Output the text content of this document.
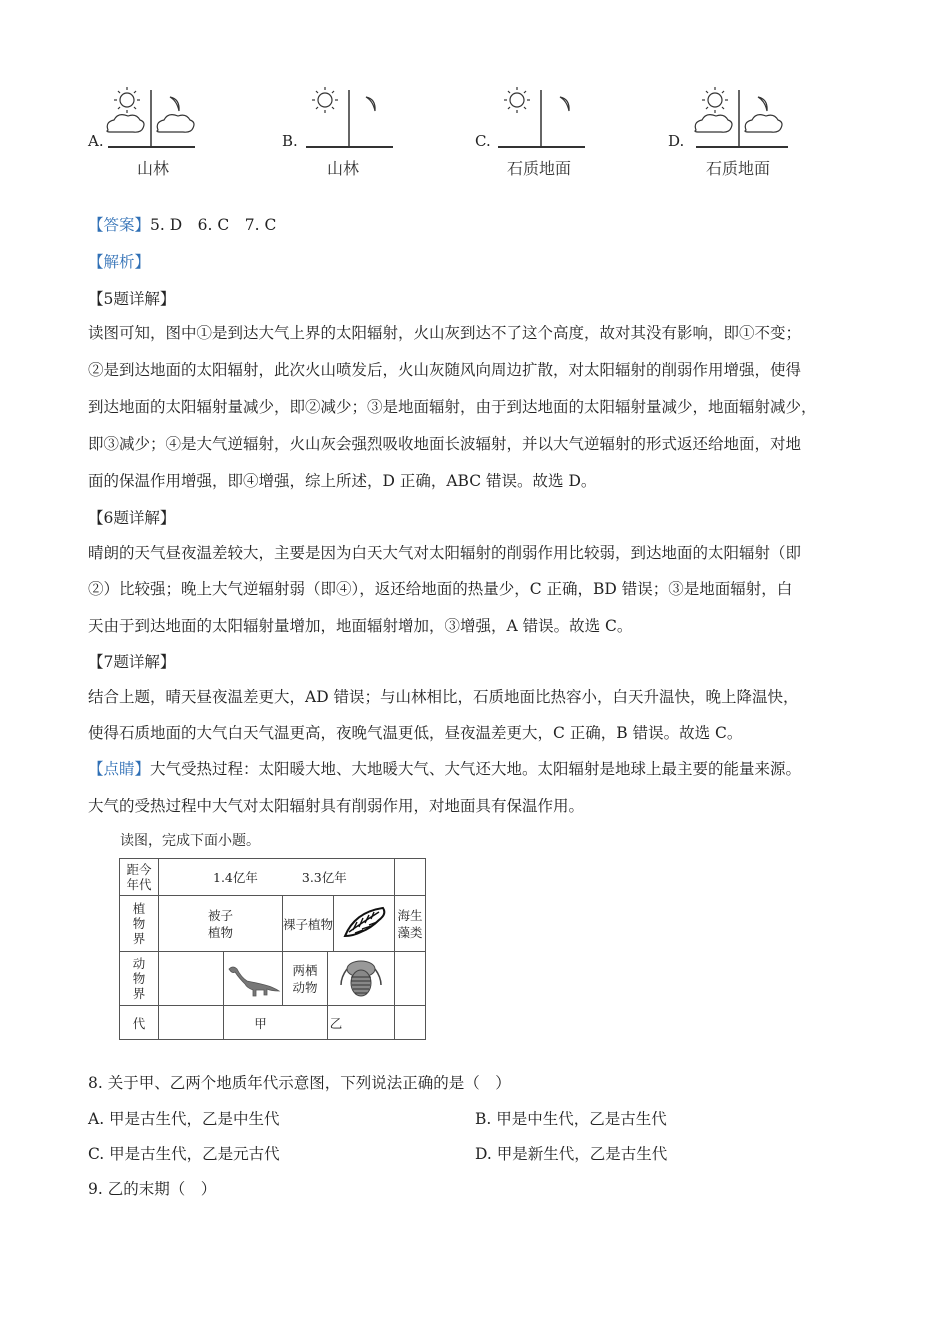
A.
山林
B.
山林
C.
石质地面
D.
石质地面
【答案】5. D　6. C　7. C
【解析】
【5题详解】
读图可知，图中①是到达大气上界的太阳辐射，火山灰到达不了这个高度，故对其没有影响，即①不变；
②是到达地面的太阳辐射，此次火山喷发后，火山灰随风向周边扩散，对太阳辐射的削弱作用增强，使得
到达地面的太阳辐射量减少，即②减少；③是地面辐射，由于到达地面的太阳辐射量减少，地面辐射减少，
即③减少；④是大气逆辐射，火山灰会强烈吸收地面长波辐射，并以大气逆辐射的形式返还给地面，对地
面的保温作用增强，即④增强，综上所述，D 正确，ABC 错误。故选 D。
【6题详解】
晴朗的天气昼夜温差较大，主要是因为白天大气对太阳辐射的削弱作用比较弱，到达地面的太阳辐射（即
②）比较强；晚上大气逆辐射弱（即④），返还给地面的热量少，C 正确，BD 错误；③是地面辐射，白
天由于到达地面的太阳辐射量增加，地面辐射增加，③增强，A 错误。故选 C。
【7题详解】
结合上题，晴天昼夜温差更大，AD 错误；与山林相比，石质地面比热容小，白天升温快，晚上降温快，
使得石质地面的大气白天气温更高，夜晚气温更低，昼夜温差更大，C 正确，B 错误。故选 C。
【点睛】大气受热过程：太阳暖大地、大地暖大气、大气还大地。太阳辐射是地球上最主要的能量来源。
大气的受热过程中大气对太阳辐射具有削弱作用，对地面具有保温作用。
读图，完成下面小题。
距今年代	1.4亿年 3.3亿年					
植物界	被子植物		裸子植物			海生藻类
动物界			两栖动物		
代		甲		乙		
8. 关于甲、乙两个地质年代示意图，下列说法正确的是（　）
A. 甲是古生代，乙是中生代	B. 甲是中生代，乙是古生代
C. 甲是古生代，乙是元古代	D. 甲是新生代，乙是古生代
9. 乙的末期（　）
